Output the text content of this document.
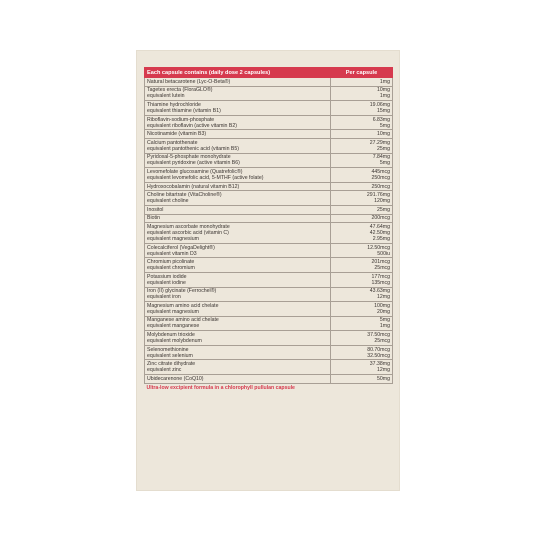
Each capsule contains (daily dose 2 capsules)	Per capsule

Natural betacarotene (Lyc-O-Beta®)	1mg

Tagetes erecta (FloraGLO®)
equivalent lutein	10mg
1mg

Thiamine hydrochloride
equivalent thiamine (vitamin B1)	19.06mg
15mg

Riboflavin-sodium-phosphate
equivalent riboflavin (active vitamin B2)	6.83mg
5mg

Nicotinamide (vitamin B3)	10mg

Calcium pantothenate
equivalent pantothenic acid (vitamin B5)	27.29mg
25mg

Pyridoxal-5-phosphate monohydrate
equivalent pyridoxine (active vitamin B6)	7.84mg
5mg

Levomefolate glucosamine (Quatrefolic®)
equivalent levomefolic acid, 5-MTHF (active folate)	445mcg
250mcg

Hydroxocobalamin (natural vitamin B12)	250mcg

Choline bitartrate (VitaCholine®)
equivalent choline	291.76mg
120mg

Inositol	25mg

Biotin	200mcg

Magnesium ascorbate monohydrate
equivalent ascorbic acid (vitamin C)
equivalent magnesium	47.64mg
42.50mg
2.95mg

Colecalciferol (VegaDelight®)
equivalent vitamin D3	12.50mcg
500iu

Chromium picolinate
equivalent chromium	201mcg
25mcg

Potassium iodide
equivalent iodine	177mcg
135mcg

Iron (II) glycinate (Ferrochel®)
equivalent iron	43.63mg
12mg

Magnesium amino acid chelate
equivalent magnesium	100mg
20mg

Manganese amino acid chelate
equivalent manganese	5mg
1mg

Molybdenum trioxide
equivalent molybdenum	37.50mcg
25mcg

Selenomethionine
equivalent selenium	80.70mcg
32.50mcg

Zinc citrate dihydrate
equivalent zinc	37.38mg
12mg

Ubidecarenone (CoQ10)	50mg

Ultra-low excipient formula in a chlorophyll pullulan capsule	
